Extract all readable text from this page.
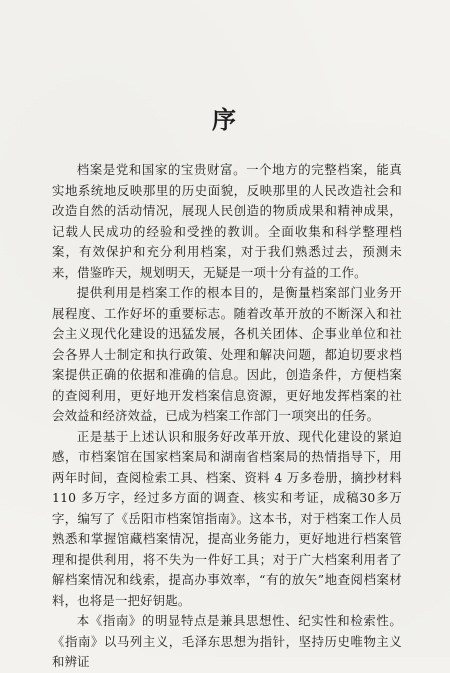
序

档案是党和国家的宝贵财富。一个地方的完整档案，能真实地系统地反映那里的历史面貌，反映那里的人民改造社会和改造自然的活动情况，展现人民创造的物质成果和精神成果，记载人民成功的经验和受挫的教训。全面收集和科学整理档案，有效保护和充分利用档案，对于我们熟悉过去，预测未来，借鉴昨天，规划明天，无疑是一项十分有益的工作。

提供利用是档案工作的根本目的，是衡量档案部门业务开展程度、工作好坏的重要标志。随着改革开放的不断深入和社会主义现代化建设的迅猛发展，各机关团体、企事业单位和社会各界人士制定和执行政策、处理和解决问题，都迫切要求档案提供正确的依据和准确的信息。因此，创造条件，方便档案的查阅利用，更好地开发档案信息资源，更好地发挥档案的社会效益和经济效益，已成为档案工作部门一项突出的任务。

正是基于上述认识和服务好改革开放、现代化建设的紧迫感，市档案馆在国家档案局和湖南省档案局的热情指导下，用两年时间，查阅检索工具、档案、资料 4 万多卷册，摘抄材料 110 多万字，经过多方面的调查、核实和考证，成稿30多万字，编写了《岳阳市档案馆指南》。这本书，对于档案工作人员熟悉和掌握馆藏档案情况，提高业务能力，更好地进行档案管理和提供利用，将不失为一件好工具；对于广大档案利用者了解档案情况和线索，提高办事效率，“有的放矢”地查阅档案材料，也将是一把好钥匙。

本《指南》的明显特点是兼具思想性、纪实性和检索性。《指南》以马列主义，毛泽东思想为指针，坚持历史唯物主义和辨证
